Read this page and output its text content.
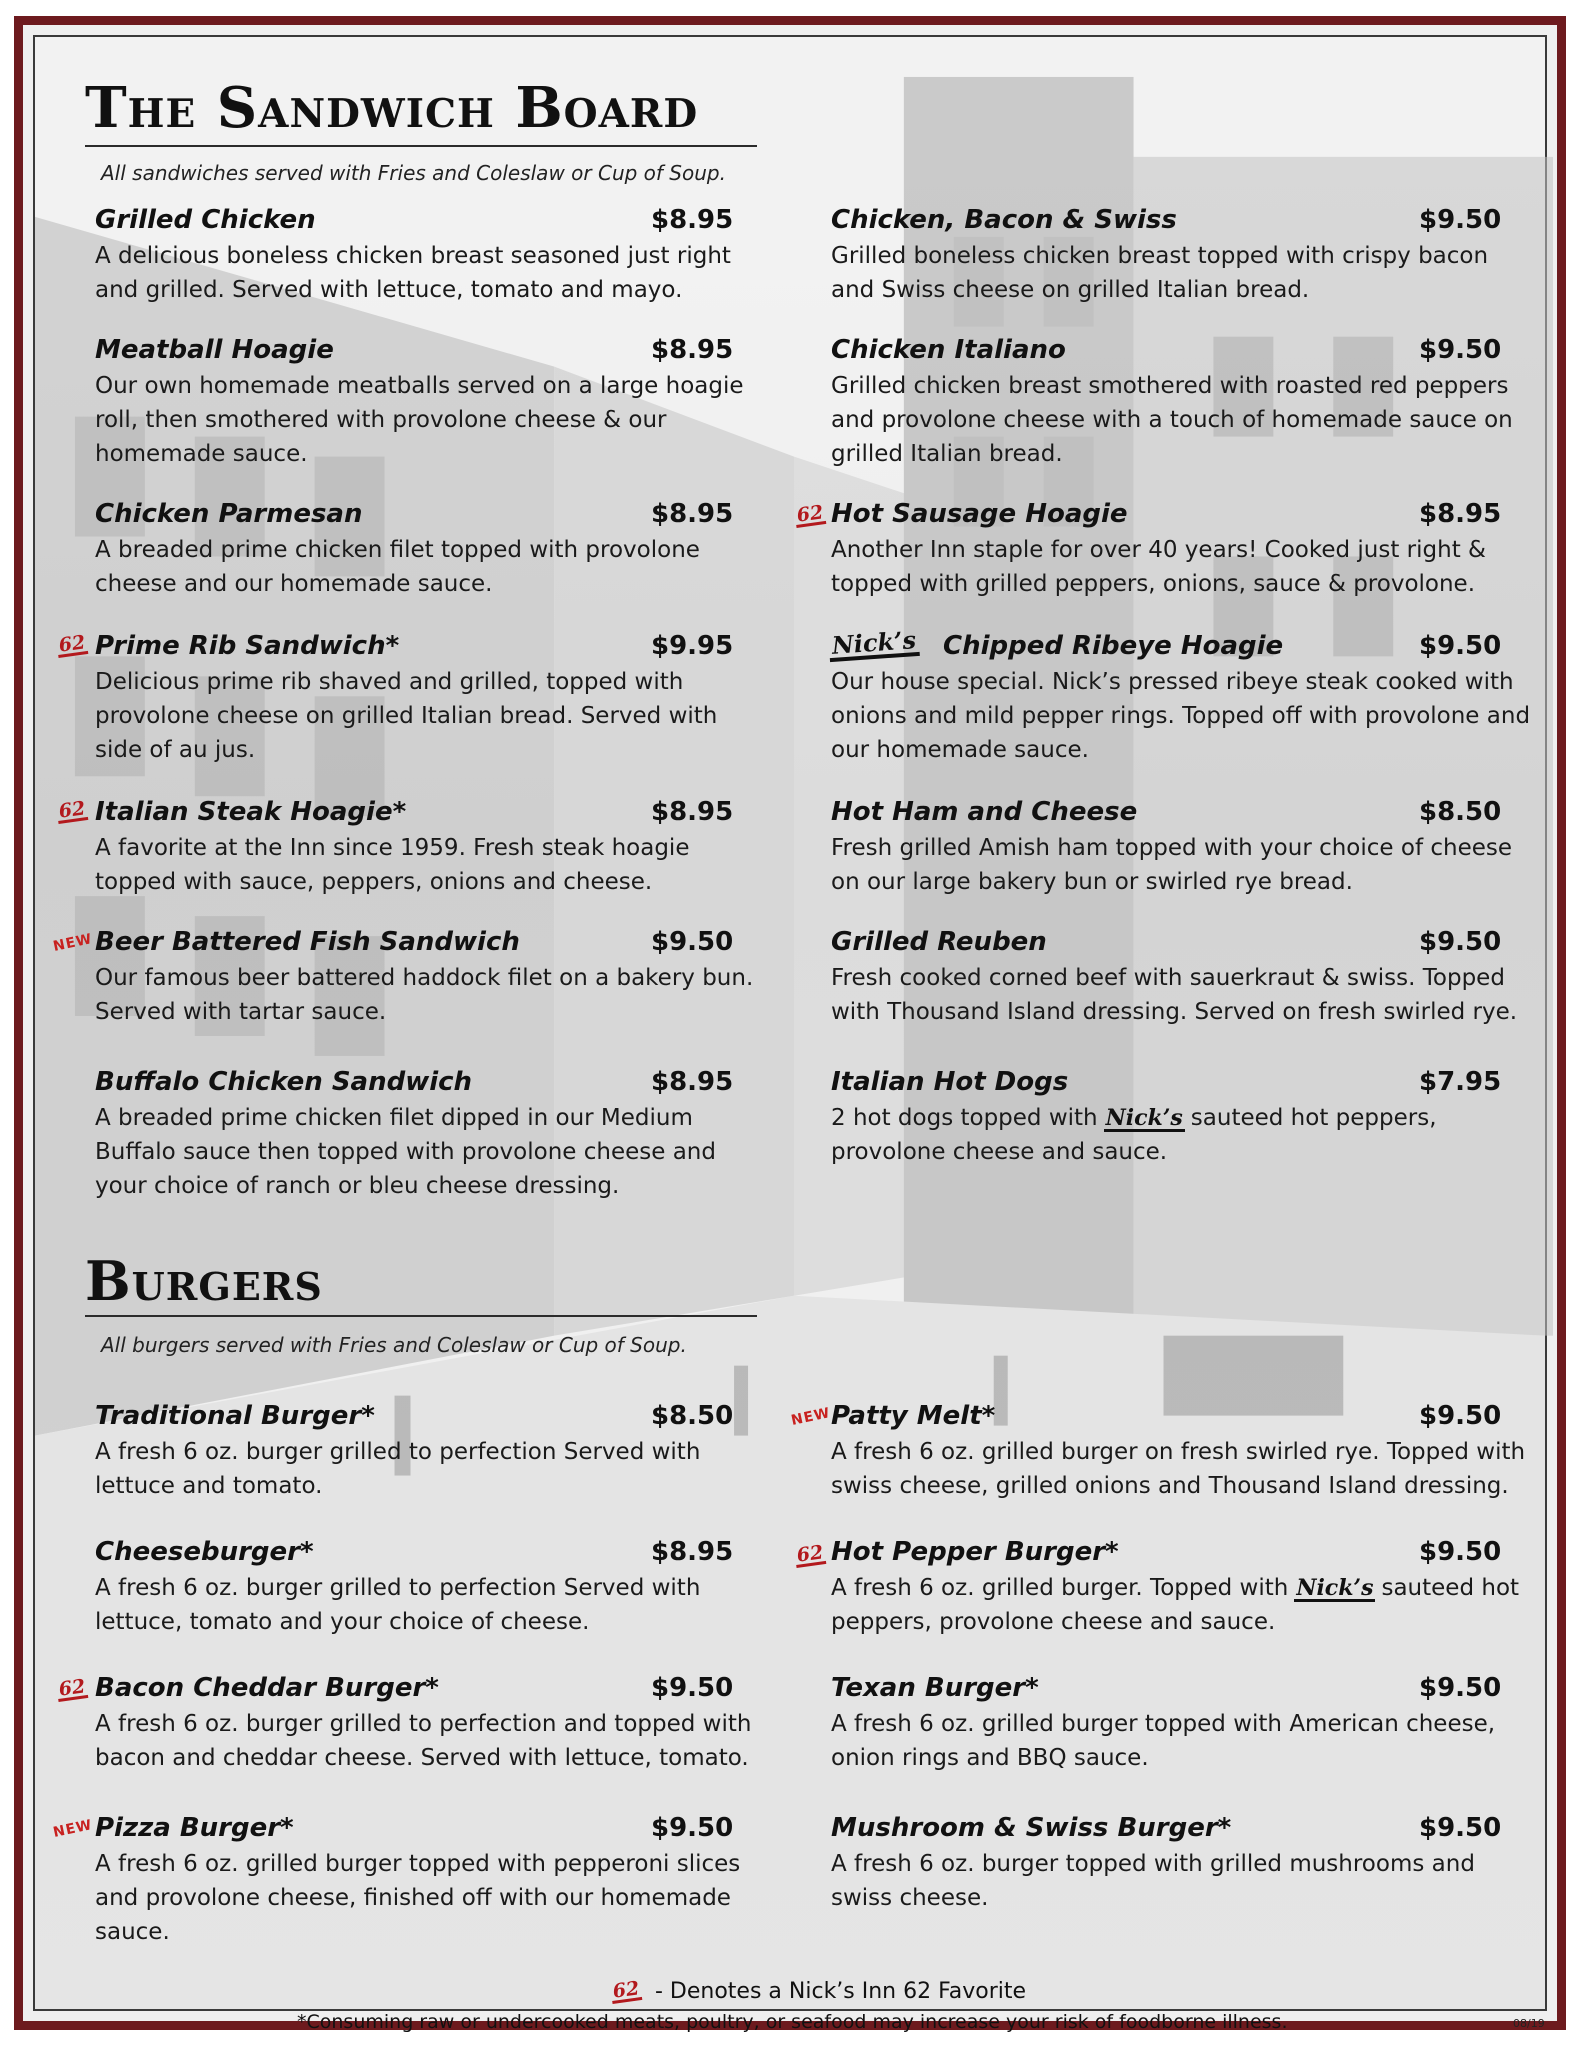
The Sandwich Board
All sandwiches served with Fries and Coleslaw or Cup of Soup.
Grilled Chicken	$8.95
A delicious boneless chicken breast seasoned just right and grilled. Served with lettuce, tomato and mayo.
Meatball Hoagie	$8.95
Our own homemade meatballs served on a large hoagie roll, then smothered with provolone cheese & our homemade sauce.
Chicken Parmesan	$8.95
A breaded prime chicken filet topped with provolone cheese and our homemade sauce.
62 Prime Rib Sandwich*	$9.95
Delicious prime rib shaved and grilled, topped with provolone cheese on grilled Italian bread. Served with side of au jus.
62 Italian Steak Hoagie*	$8.95
A favorite at the Inn since 1959. Fresh steak hoagie topped with sauce, peppers, onions and cheese.
NEW Beer Battered Fish Sandwich	$9.50
Our famous beer battered haddock filet on a bakery bun. Served with tartar sauce.
Buffalo Chicken Sandwich	$8.95
A breaded prime chicken filet dipped in our Medium Buffalo sauce then topped with provolone cheese and your choice of ranch or bleu cheese dressing.
Chicken, Bacon & Swiss	$9.50
Grilled boneless chicken breast topped with crispy bacon and Swiss cheese on grilled Italian bread.
Chicken Italiano	$9.50
Grilled chicken breast smothered with roasted red peppers and provolone cheese with a touch of homemade sauce on grilled Italian bread.
62 Hot Sausage Hoagie	$8.95
Another Inn staple for over 40 years! Cooked just right & topped with grilled peppers, onions, sauce & provolone.
Nick’s Chipped Ribeye Hoagie	$9.50
Our house special. Nick’s pressed ribeye steak cooked with onions and mild pepper rings. Topped off with provolone and our homemade sauce.
Hot Ham and Cheese	$8.50
Fresh grilled Amish ham topped with your choice of cheese on our large bakery bun or swirled rye bread.
Grilled Reuben	$9.50
Fresh cooked corned beef with sauerkraut & swiss. Topped with Thousand Island dressing. Served on fresh swirled rye.
Italian Hot Dogs	$7.95
2 hot dogs topped with Nick’s sauteed hot peppers, provolone cheese and sauce.
Burgers
All burgers served with Fries and Coleslaw or Cup of Soup.
Traditional Burger*	$8.50
A fresh 6 oz. burger grilled to perfection Served with lettuce and tomato.
Cheeseburger*	$8.95
A fresh 6 oz. burger grilled to perfection Served with lettuce, tomato and your choice of cheese.
62 Bacon Cheddar Burger*	$9.50
A fresh 6 oz. burger grilled to perfection and topped with bacon and cheddar cheese. Served with lettuce, tomato.
NEW Pizza Burger*	$9.50
A fresh 6 oz. grilled burger topped with pepperoni slices and provolone cheese, finished off with our homemade sauce.
NEW Patty Melt*	$9.50
A fresh 6 oz. grilled burger on fresh swirled rye. Topped with swiss cheese, grilled onions and Thousand Island dressing.
62 Hot Pepper Burger*	$9.50
A fresh 6 oz. grilled burger. Topped with Nick’s sauteed hot peppers, provolone cheese and sauce.
Texan Burger*	$9.50
A fresh 6 oz. grilled burger topped with American cheese, onion rings and BBQ sauce.
Mushroom & Swiss Burger*	$9.50
A fresh 6 oz. burger topped with grilled mushrooms and swiss cheese.
62 - Denotes a Nick’s Inn 62 Favorite
*Consuming raw or undercooked meats, poultry, or seafood may increase your risk of foodborne illness.	08/19
